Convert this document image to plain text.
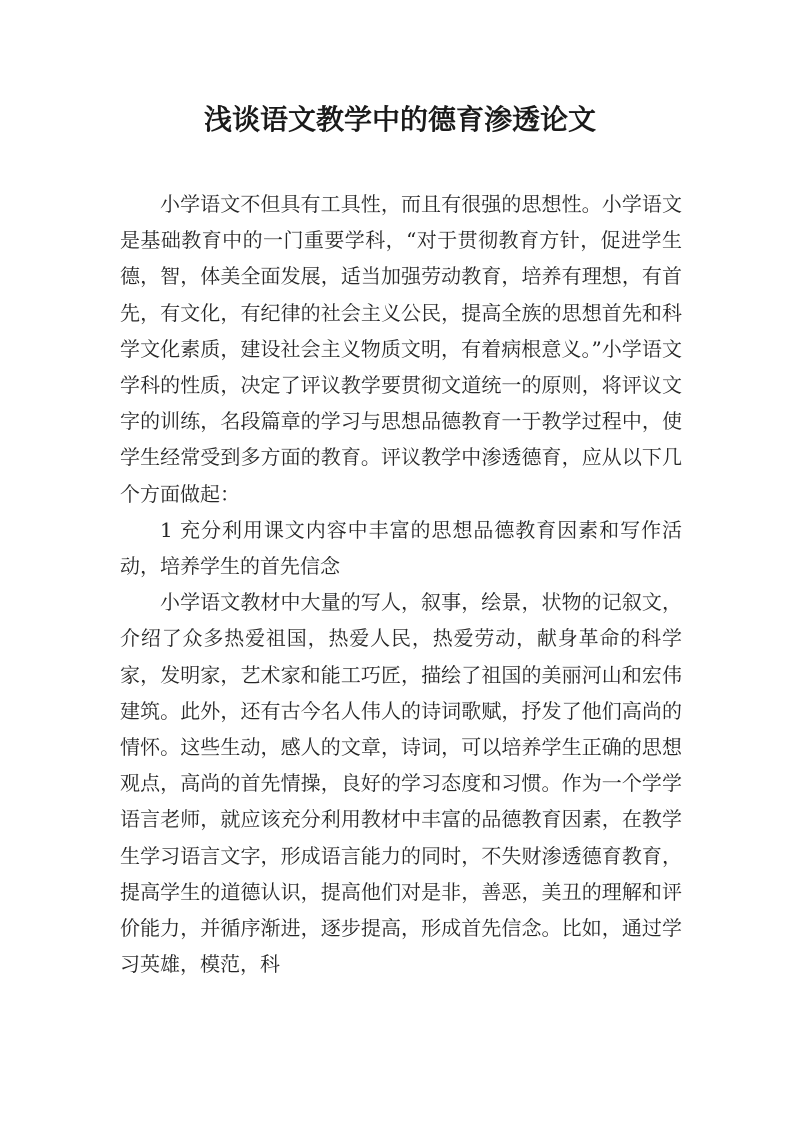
浅谈语文教学中的德育渗透论文

小学语文不但具有工具性，而且有很强的思想性。小学语文是基础教育中的一门重要学科，“对于贯彻教育方针，促进学生德，智，体美全面发展，适当加强劳动教育，培养有理想，有首先，有文化，有纪律的社会主义公民，提高全族的思想首先和科学文化素质，建设社会主义物质文明，有着病根意义。”小学语文学科的性质，决定了评议教学要贯彻文道统一的原则，将评议文字的训练，名段篇章的学习与思想品德教育一于教学过程中，使学生经常受到多方面的教育。评议教学中渗透德育，应从以下几个方面做起：

1 充分利用课文内容中丰富的思想品德教育因素和写作活动，培养学生的首先信念

小学语文教材中大量的写人，叙事，绘景，状物的记叙文，介绍了众多热爱祖国，热爱人民，热爱劳动，献身革命的科学家，发明家，艺术家和能工巧匠，描绘了祖国的美丽河山和宏伟建筑。此外，还有古今名人伟人的诗词歌赋，抒发了他们高尚的情怀。这些生动，感人的文章，诗词，可以培养学生正确的思想观点，高尚的首先情操，良好的学习态度和习惯。作为一个学学语言老师，就应该充分利用教材中丰富的品德教育因素，在教学生学习语言文字，形成语言能力的同时，不失财渗透德育教育，提高学生的道德认识，提高他们对是非，善恶，美丑的理解和评价能力，并循序渐进，逐步提高，形成首先信念。比如，通过学习英雄，模范，科
